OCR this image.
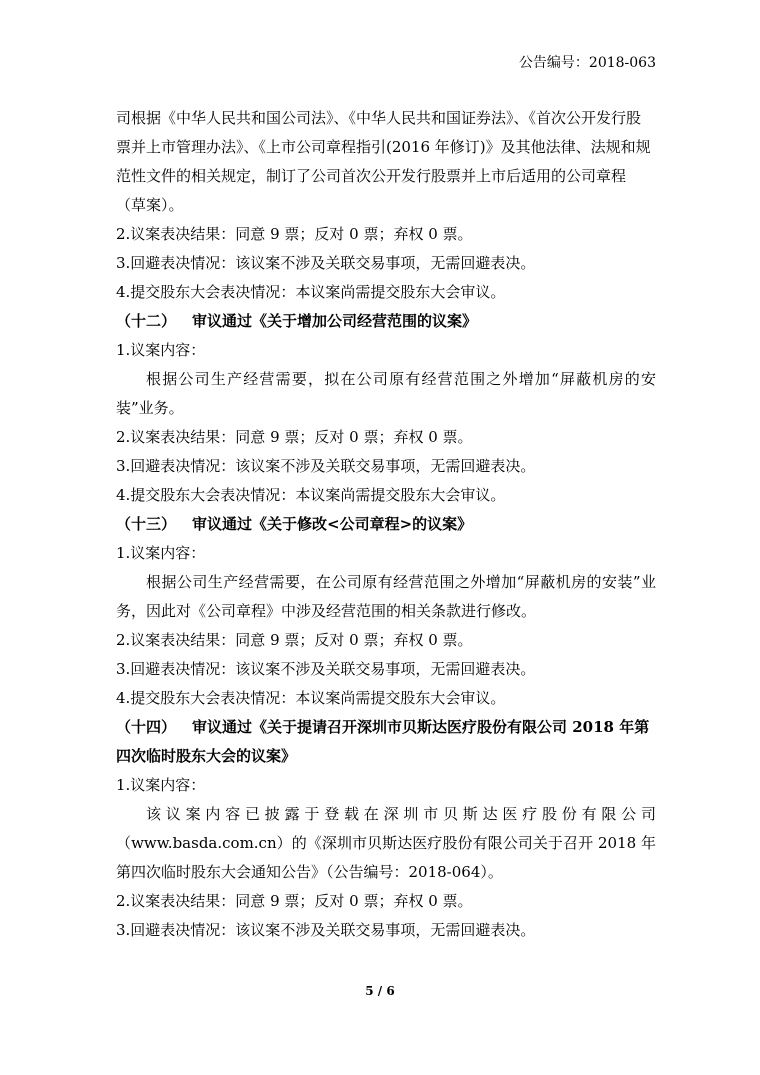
公告编号：2018-063

司根据《中华人民共和国公司法》、《中华人民共和国证券法》、《首次公开发行股

票并上市管理办法》、《上市公司章程指引(2016 年修订)》及其他法律、法规和规

范性文件的相关规定，制订了公司首次公开发行股票并上市后适用的公司章程

（草案）。

2.议案表决结果：同意 9 票；反对 0 票；弃权 0 票。

3.回避表决情况：该议案不涉及关联交易事项，无需回避表决。

4.提交股东大会表决情况：本议案尚需提交股东大会审议。

（十二） 审议通过《关于增加公司经营范围的议案》

1.议案内容：

根据公司生产经营需要，拟在公司原有经营范围之外增加“屏蔽机房的安装”业务。

2.议案表决结果：同意 9 票；反对 0 票；弃权 0 票。

3.回避表决情况：该议案不涉及关联交易事项，无需回避表决。

4.提交股东大会表决情况：本议案尚需提交股东大会审议。

（十三） 审议通过《关于修改<公司章程>的议案》

1.议案内容：

根据公司生产经营需要，在公司原有经营范围之外增加“屏蔽机房的安装”业务，因此对《公司章程》中涉及经营范围的相关条款进行修改。

2.议案表决结果：同意 9 票；反对 0 票；弃权 0 票。

3.回避表决情况：该议案不涉及关联交易事项，无需回避表决。

4.提交股东大会表决情况：本议案尚需提交股东大会审议。

（十四） 审议通过《关于提请召开深圳市贝斯达医疗股份有限公司 2018 年第

四次临时股东大会的议案》

1.议案内容：

该议案内容已披露于登载在深圳市贝斯达医疗股份有限公司（www.basda.com.cn）的《深圳市贝斯达医疗股份有限公司关于召开 2018 年第四次临时股东大会通知公告》（公告编号：2018-064）。

2.议案表决结果：同意 9 票；反对 0 票；弃权 0 票。

3.回避表决情况：该议案不涉及关联交易事项，无需回避表决。

5 / 6
